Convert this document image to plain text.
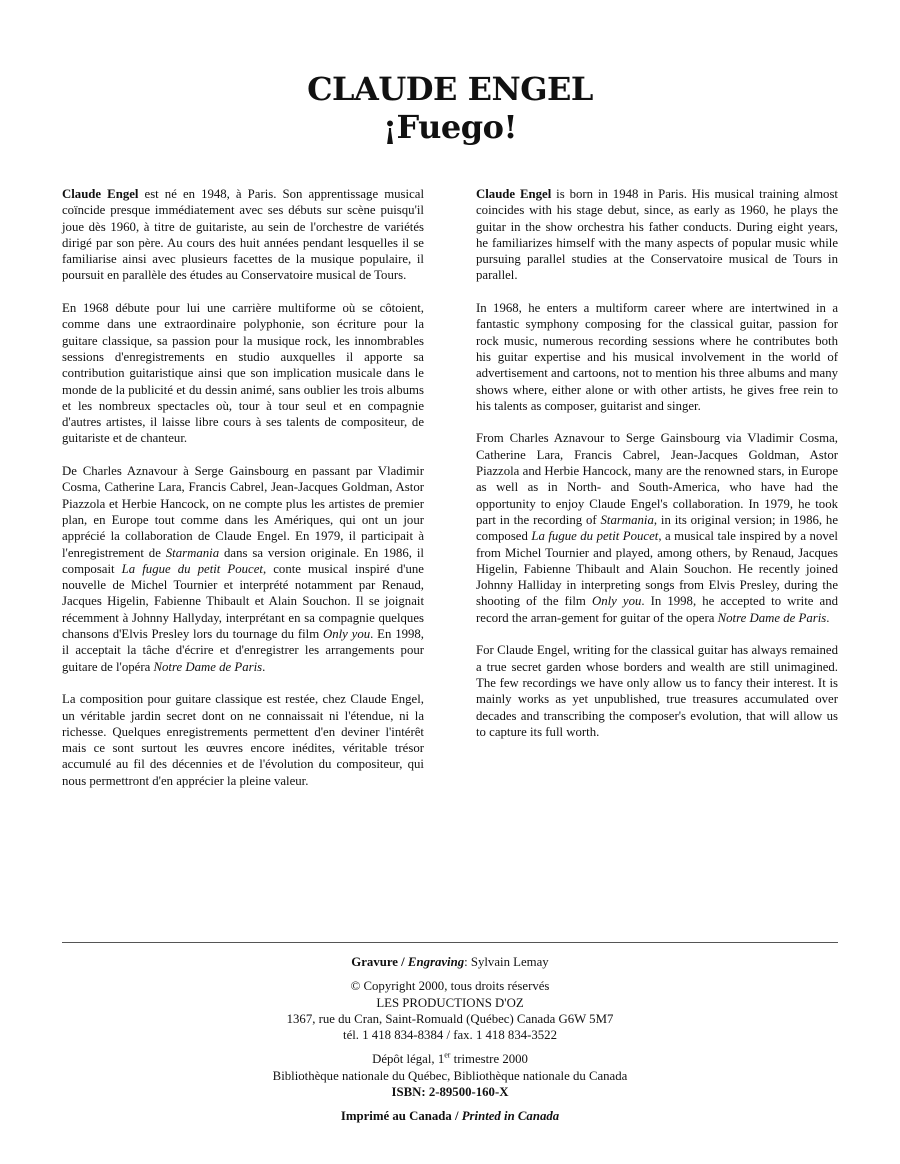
CLAUDE ENGEL
¡Fuego!

Claude Engel est né en 1948, à Paris. Son apprentissage musical coïncide presque immédiatement avec ses débuts sur scène puisqu'il joue dès 1960, à titre de guitariste, au sein de l'orchestre de variétés dirigé par son père. Au cours des huit années pendant lesquelles il se familiarise ainsi avec plusieurs facettes de la musique populaire, il poursuit en parallèle des études au Conservatoire musical de Tours.

En 1968 débute pour lui une carrière multiforme où se côtoient, comme dans une extraordinaire polyphonie, son écriture pour la guitare classique, sa passion pour la musique rock, les innombrables sessions d'enregistrements en studio auxquelles il apporte sa contribution guitaristique ainsi que son implication musicale dans le monde de la publicité et du dessin animé, sans oublier les trois albums et les nombreux spectacles où, tour à tour seul et en compagnie d'autres artistes, il laisse libre cours à ses talents de compositeur, de guitariste et de chanteur.

De Charles Aznavour à Serge Gainsbourg en passant par Vladimir Cosma, Catherine Lara, Francis Cabrel, Jean-Jacques Goldman, Astor Piazzola et Herbie Hancock, on ne compte plus les artistes de premier plan, en Europe tout comme dans les Amériques, qui ont un jour apprécié la collaboration de Claude Engel. En 1979, il participait à l'enregistrement de Starmania dans sa version originale. En 1986, il composait La fugue du petit Poucet, conte musical inspiré d'une nouvelle de Michel Tournier et interprété notamment par Renaud, Jacques Higelin, Fabienne Thibault et Alain Souchon. Il se joignait récemment à Johnny Hallyday, interprétant en sa compagnie quelques chansons d'Elvis Presley lors du tournage du film Only you. En 1998, il acceptait la tâche d'écrire et d'enregistrer les arrangements pour guitare de l'opéra Notre Dame de Paris.

La composition pour guitare classique est restée, chez Claude Engel, un véritable jardin secret dont on ne connaissait ni l'étendue, ni la richesse. Quelques enregistrements permettent d'en deviner l'intérêt mais ce sont surtout les œuvres encore inédites, véritable trésor accumulé au fil des décennies et de l'évolution du compositeur, qui nous permettront d'en apprécier la pleine valeur.

Claude Engel is born in 1948 in Paris. His musical training almost coincides with his stage debut, since, as early as 1960, he plays the guitar in the show orchestra his father conducts. During eight years, he familiarizes himself with the many aspects of popular music while pursuing parallel studies at the Conservatoire musical de Tours in parallel.

In 1968, he enters a multiform career where are intertwined in a fantastic symphony composing for the classical guitar, passion for rock music, numerous recording sessions where he contributes both his guitar expertise and his musical involvement in the world of advertisement and cartoons, not to mention his three albums and many shows where, either alone or with other artists, he gives free rein to his talents as composer, guitarist and singer.

From Charles Aznavour to Serge Gainsbourg via Vladimir Cosma, Catherine Lara, Francis Cabrel, Jean-Jacques Goldman, Astor Piazzola and Herbie Hancock, many are the renowned stars, in Europe as well as in North- and South-America, who have had the opportunity to enjoy Claude Engel's collaboration. In 1979, he took part in the recording of Starmania, in its original version; in 1986, he composed La fugue du petit Poucet, a musical tale inspired by a novel from Michel Tournier and played, among others, by Renaud, Jacques Higelin, Fabienne Thibault and Alain Souchon. He recently joined Johnny Halliday in interpreting songs from Elvis Presley, during the shooting of the film Only you. In 1998, he accepted to write and record the arran-gement for guitar of the opera Notre Dame de Paris.

For Claude Engel, writing for the classical guitar has always remained a true secret garden whose borders and wealth are still unimagined. The few recordings we have only allow us to fancy their interest. It is mainly works as yet unpublished, true treasures accumulated over decades and transcribing the composer's evolution, that will allow us to capture its full worth.

Gravure / Engraving: Sylvain Lemay
© Copyright 2000, tous droits réservés
LES PRODUCTIONS D'OZ
1367, rue du Cran, Saint-Romuald (Québec) Canada G6W 5M7
tél. 1 418 834-8384 / fax. 1 418 834-3522
Dépôt légal, 1er trimestre 2000
Bibliothèque nationale du Québec, Bibliothèque nationale du Canada
ISBN: 2-89500-160-X
Imprimé au Canada / Printed in Canada
